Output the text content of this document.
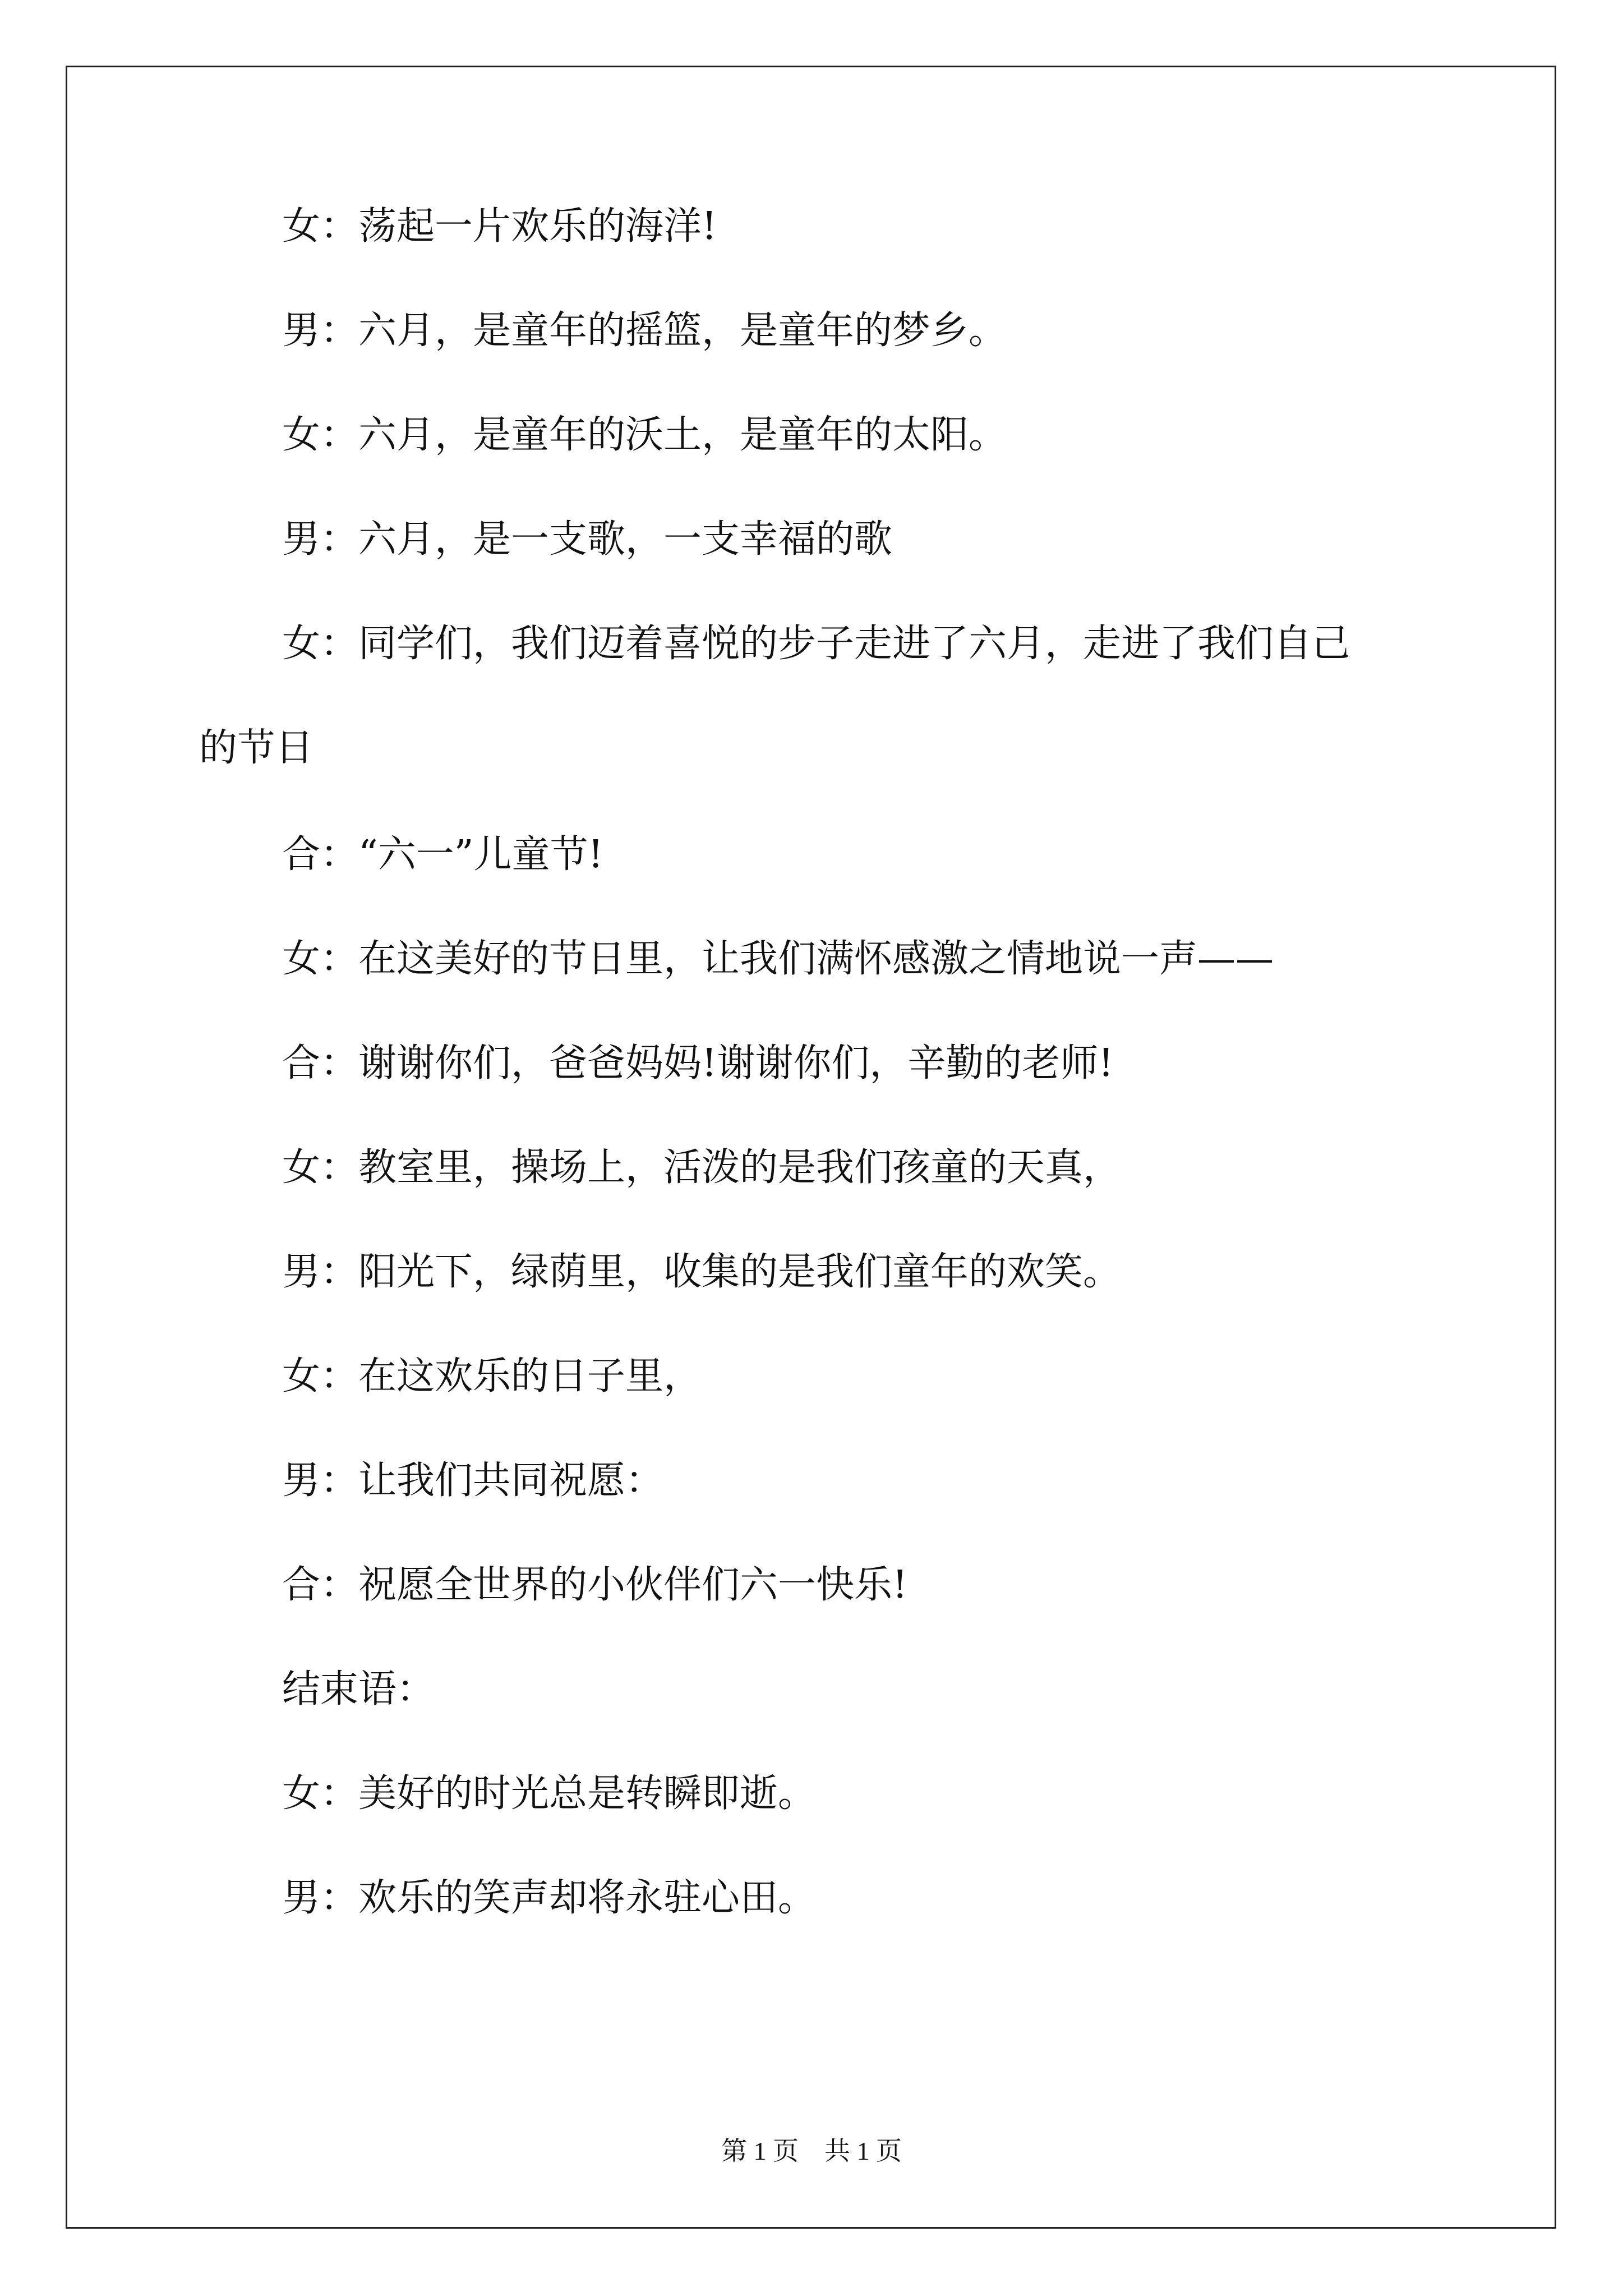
女：荡起一片欢乐的海洋!
男：六月，是童年的摇篮，是童年的梦乡。
女：六月，是童年的沃土，是童年的太阳。
男：六月，是一支歌，一支幸福的歌
女：同学们，我们迈着喜悦的步子走进了六月，走进了我们自己
的节日
合：“六一”儿童节!
女：在这美好的节日里，让我们满怀感激之情地说一声——
合：谢谢你们，爸爸妈妈!谢谢你们，辛勤的老师!
女：教室里，操场上，活泼的是我们孩童的天真，
男：阳光下，绿荫里，收集的是我们童年的欢笑。
女：在这欢乐的日子里，
男：让我们共同祝愿：
合：祝愿全世界的小伙伴们六一快乐!
结束语：
女：美好的时光总是转瞬即逝。
男：欢乐的笑声却将永驻心田。
第 1 页　共 1 页
